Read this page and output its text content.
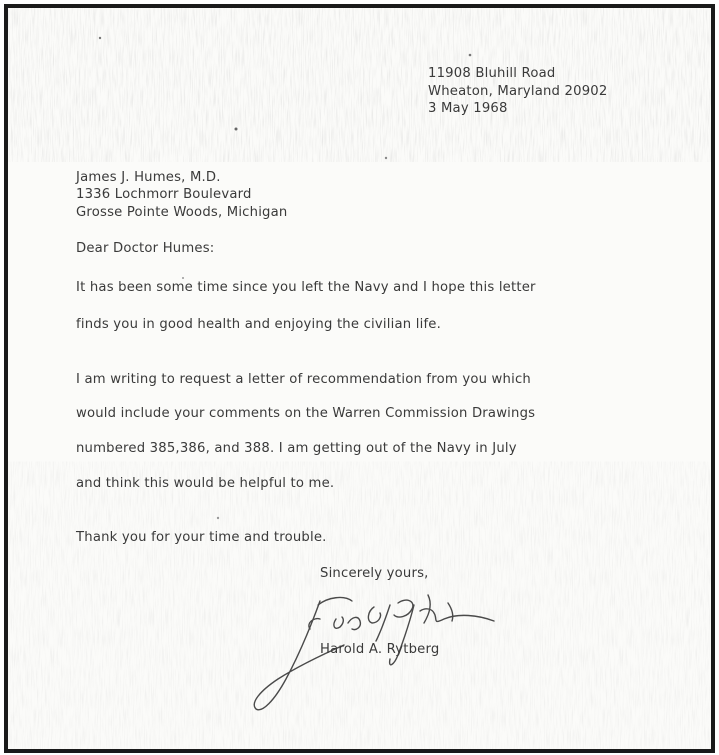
11908 Bluhill Road
Wheaton, Maryland 20902
3 May 1968
James J. Humes, M.D.
1336 Lochmorr Boulevard
Grosse Pointe Woods, Michigan
Dear Doctor Humes:
It has been some time since you left the Navy and I hope this letter
finds you in good health and enjoying the civilian life.
I am writing to request a letter of recommendation from you which
would include your comments on the Warren Commission Drawings
numbered 385,386, and 388. I am getting out of the Navy in July
and think this would be helpful to me.
Thank you for your time and trouble.
Sincerely yours,
Harold A. Rytberg
